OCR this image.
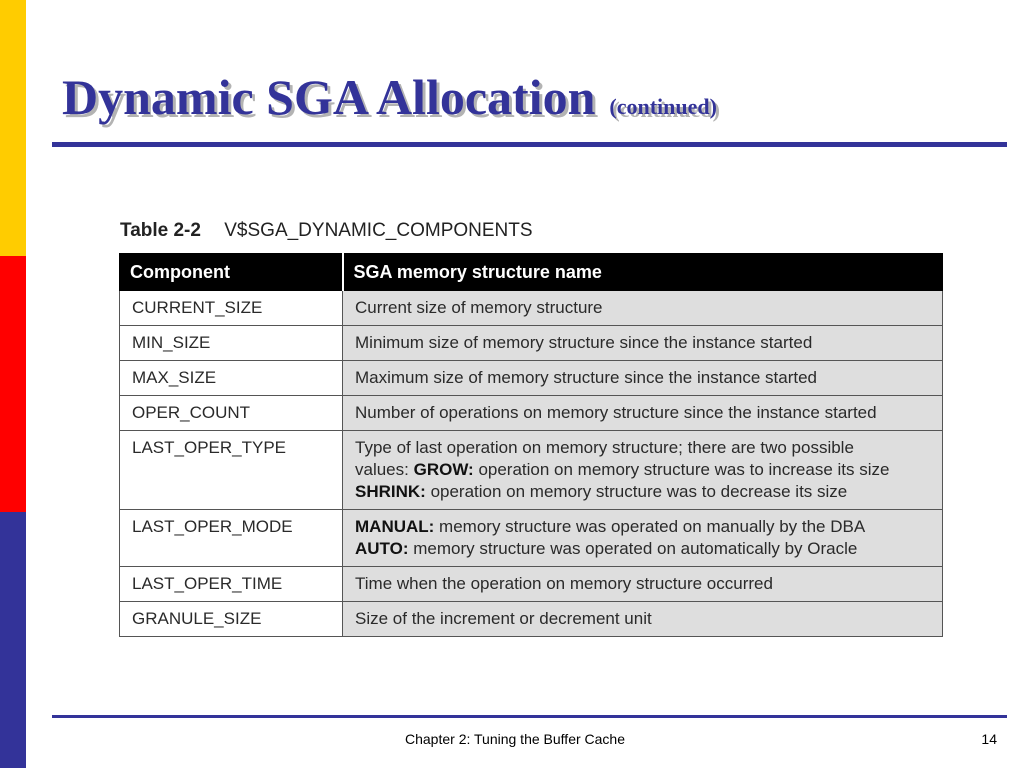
Dynamic SGA Allocation (continued)
Table 2-2 V$SGA_DYNAMIC_COMPONENTS
Component	SGA memory structure name
CURRENT_SIZE	Current size of memory structure

MIN_SIZE	Minimum size of memory structure since the instance started

MAX_SIZE	Maximum size of memory structure since the instance started

OPER_COUNT	Number of operations on memory structure since the instance started

LAST_OPER_TYPE	Type of last operation on memory structure; there are two possible
values: GROW: operation on memory structure was to increase its size
SHRINK: operation on memory structure was to decrease its size

LAST_OPER_MODE	MANUAL: memory structure was operated on manually by the DBA
AUTO: memory structure was operated on automatically by Oracle

LAST_OPER_TIME	Time when the operation on memory structure occurred

GRANULE_SIZE	Size of the increment or decrement unit
Chapter 2: Tuning the Buffer Cache	14
